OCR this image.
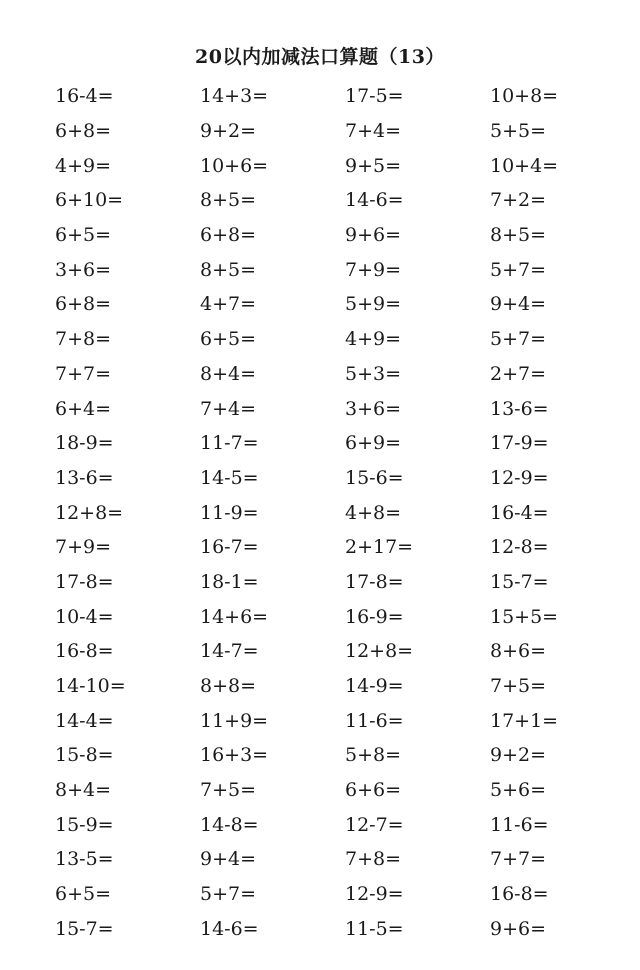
20以内加减法口算题（13）
16-4=	14+3=	17-5=	10+8=
6+8=	9+2=	7+4=	5+5=
4+9=	10+6=	9+5=	10+4=
6+10=	8+5=	14-6=	7+2=
6+5=	6+8=	9+6=	8+5=
3+6=	8+5=	7+9=	5+7=
6+8=	4+7=	5+9=	9+4=
7+8=	6+5=	4+9=	5+7=
7+7=	8+4=	5+3=	2+7=
6+4=	7+4=	3+6=	13-6=
18-9=	11-7=	6+9=	17-9=
13-6=	14-5=	15-6=	12-9=
12+8=	11-9=	4+8=	16-4=
7+9=	16-7=	2+17=	12-8=
17-8=	18-1=	17-8=	15-7=
10-4=	14+6=	16-9=	15+5=
16-8=	14-7=	12+8=	8+6=
14-10=	8+8=	14-9=	7+5=
14-4=	11+9=	11-6=	17+1=
15-8=	16+3=	5+8=	9+2=
8+4=	7+5=	6+6=	5+6=
15-9=	14-8=	12-7=	11-6=
13-5=	9+4=	7+8=	7+7=
6+5=	5+7=	12-9=	16-8=
15-7=	14-6=	11-5=	9+6=
